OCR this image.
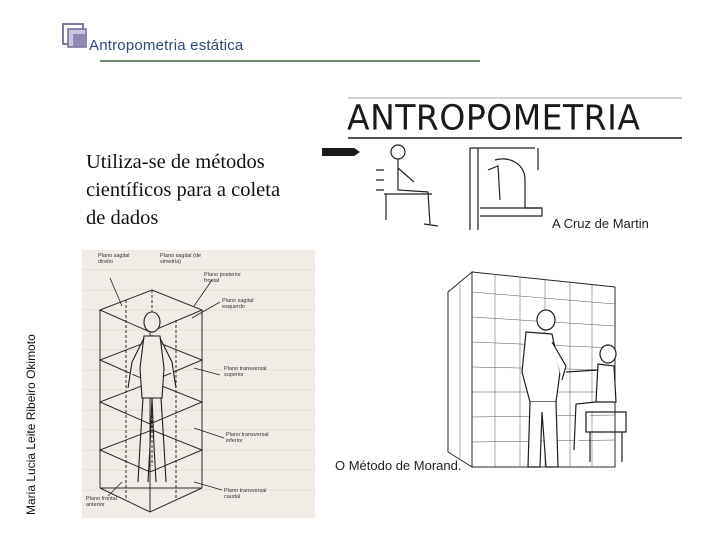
Antropometria estática
Maria Lucia Leite Ribeiro Okimoto
Utiliza-se de métodos
científicos para a coleta
de dados
ANTROPOMETRIA
A Cruz de Martin
Plano sagital direito
Plano sagital (de simetria)
Plano posterior frontal
Plano sagital esquerdo
Plano transversal superior
Plano transversal inferior
Plano transversal caudal
Plano frontal anterior
O Método de Morand.
